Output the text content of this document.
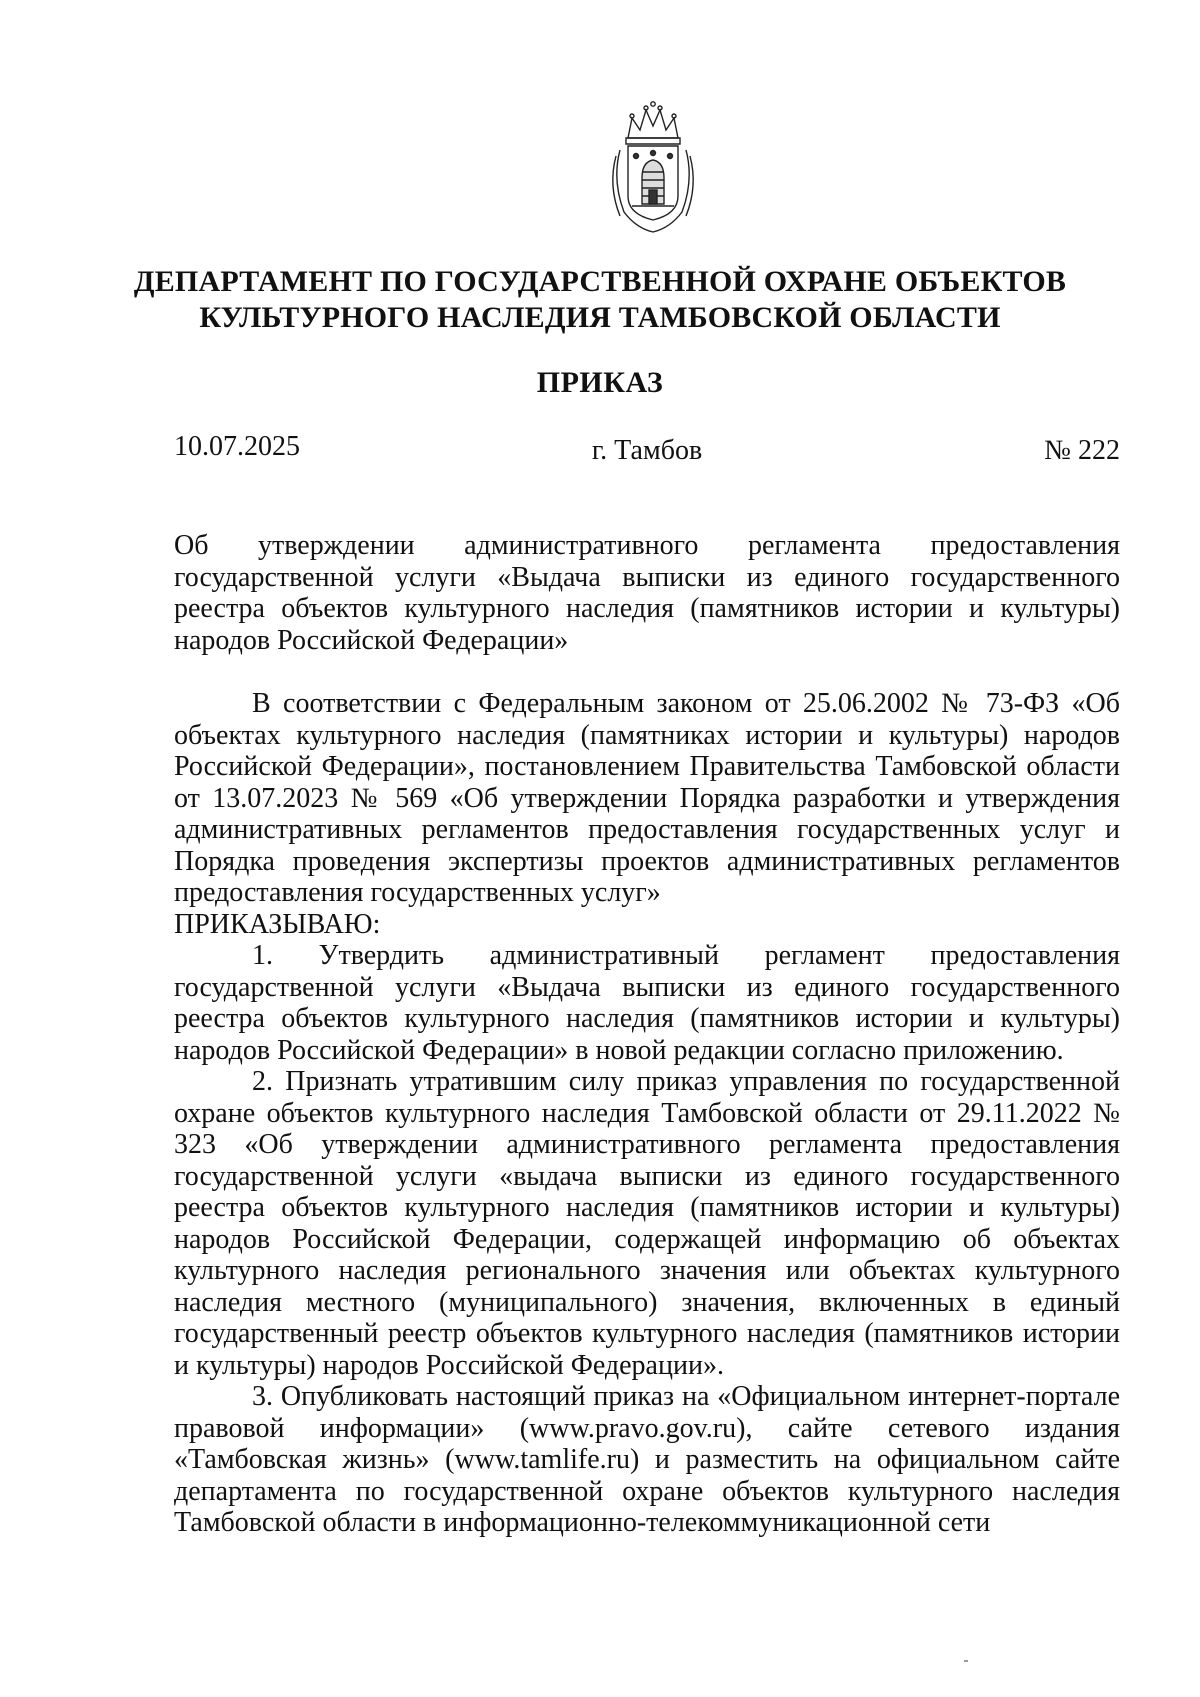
ДЕПАРТАМЕНТ ПО ГОСУДАРСТВЕННОЙ ОХРАНЕ ОБЪЕКТОВ
КУЛЬТУРНОГО НАСЛЕДИЯ ТАМБОВСКОЙ ОБЛАСТИ
ПРИКАЗ
10.07.2025	г. Тамбов	№ 222
Об утверждении административного регламента предоставления государственной услуги «Выдача выписки из единого государственного реестра объектов культурного наследия (памятников истории и культуры) народов Российской Федерации»

В соответствии с Федеральным законом от 25.06.2002 № 73-ФЗ «Об объектах культурного наследия (памятниках истории и культуры) народов Российской Федерации», постановлением Правительства Тамбовской области от 13.07.2023 № 569 «Об утверждении Порядка разработки и утверждения административных регламентов предоставления государственных услуг и Порядка проведения экспертизы проектов административных регламентов предоставления государственных услуг»

ПРИКАЗЫВАЮ:

1. Утвердить административный регламент предоставления государственной услуги «Выдача выписки из единого государственного реестра объектов культурного наследия (памятников истории и культуры) народов Российской Федерации» в новой редакции согласно приложению.

2. Признать утратившим силу приказ управления по государственной охране объектов культурного наследия Тамбовской области от 29.11.2022 № 323 «Об утверждении административного регламента предоставления государственной услуги «выдача выписки из единого государственного реестра объектов культурного наследия (памятников истории и культуры) народов Российской Федерации, содержащей информацию об объектах культурного наследия регионального значения или объектах культурного наследия местного (муниципального) значения, включенных в единый государственный реестр объектов культурного наследия (памятников истории и культуры) народов Российской Федерации».

3. Опубликовать настоящий приказ на «Официальном интернет-портале правовой информации» (www.pravo.gov.ru), сайте сетевого издания «Тамбовская жизнь» (www.tamlife.ru) и разместить на официальном сайте департамента по государственной охране объектов культурного наследия Тамбовской области в информационно-телекоммуникационной сети
